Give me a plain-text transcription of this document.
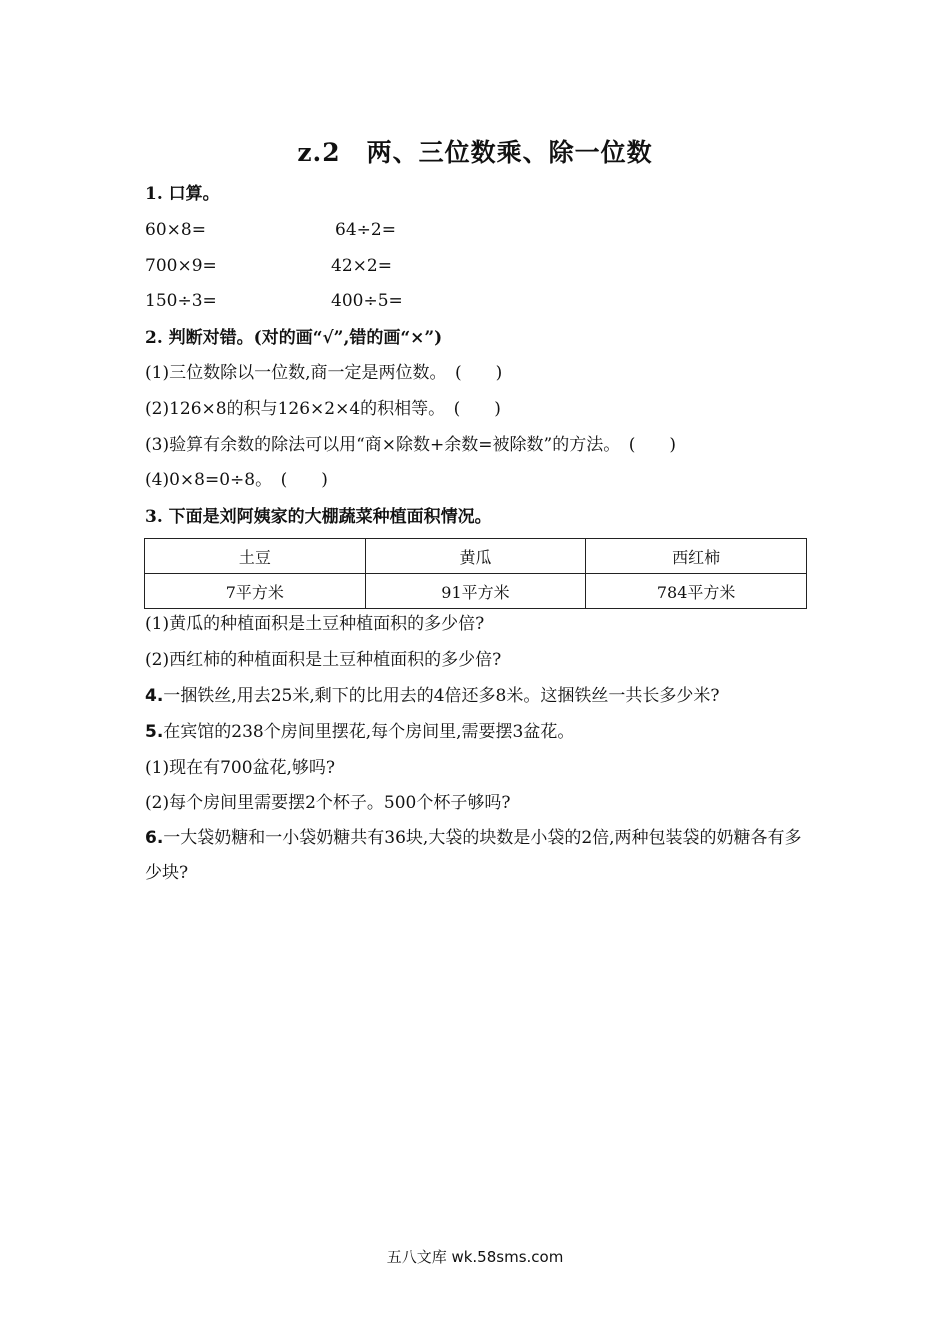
z.2　两、三位数乘、除一位数
1. 口算。
60×8=	64÷2=
700×9=	42×2=
150÷3=	400÷5=
2. 判断对错。(对的画“√”,错的画“×”)
(1)三位数除以一位数,商一定是两位数。　(　　)
(2)126×8的积与126×2×4的积相等。　(　　)
(3)验算有余数的除法可以用“商×除数+余数=被除数”的方法。　(　　)
(4)0×8=0÷8。　(　　)
3. 下面是刘阿姨家的大棚蔬菜种植面积情况。
土豆	黄瓜	西红柿
7平方米	91平方米	784平方米
(1)黄瓜的种植面积是土豆种植面积的多少倍?
(2)西红柿的种植面积是土豆种植面积的多少倍?
4.一捆铁丝,用去25米,剩下的比用去的4倍还多8米。这捆铁丝一共长多少米?
5.在宾馆的238个房间里摆花,每个房间里,需要摆3盆花。
(1)现在有700盆花,够吗?
(2)每个房间里需要摆2个杯子。500个杯子够吗?
6.一大袋奶糖和一小袋奶糖共有36块,大袋的块数是小袋的2倍,两种包装袋的奶糖各有多少块?
五八文库 wk.58sms.com
